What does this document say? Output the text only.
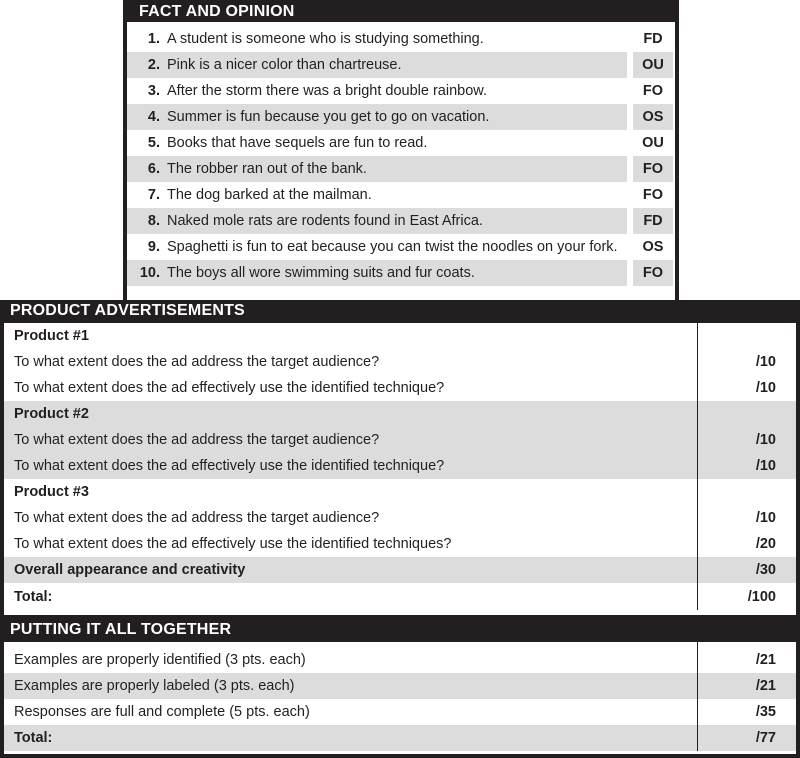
FACT AND OPINION
1. A student is someone who is studying something.	FD
2. Pink is a nicer color than chartreuse.	OU
3. After the storm there was a bright double rainbow.	FO
4. Summer is fun because you get to go on vacation.	OS
5. Books that have sequels are fun to read.	OU
6. The robber ran out of the bank.	FO
7. The dog barked at the mailman.	FO
8. Naked mole rats are rodents found in East Africa.	FD
9. Spaghetti is fun to eat because you can twist the noodles on your fork.	OS
10. The boys all wore swimming suits and fur coats.	FO
PRODUCT ADVERTISEMENTS
Product #1
To what extent does the ad address the target audience?	/10
To what extent does the ad effectively use the identified technique?	/10
Product #2
To what extent does the ad address the target audience?	/10
To what extent does the ad effectively use the identified technique?	/10
Product #3
To what extent does the ad address the target audience?	/10
To what extent does the ad effectively use the identified techniques?	/20
Overall appearance and creativity	/30
Total:	/100
PUTTING IT ALL TOGETHER
Examples are properly identified (3 pts. each)	/21
Examples are properly labeled (3 pts. each)	/21
Responses are full and complete (5 pts. each)	/35
Total:	/77
